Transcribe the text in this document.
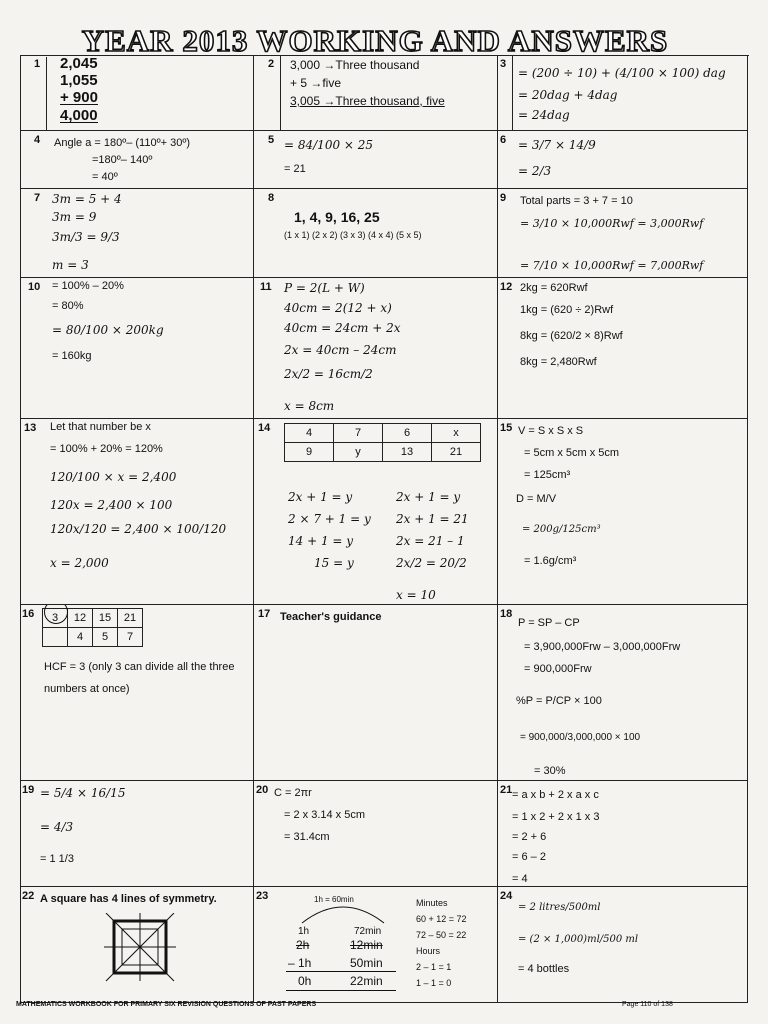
YEAR 2013 WORKING AND ANSWERS
1 2,045
1,055
+ 900
4,000
2 3,000 →Three thousand
+ 5 →five
3,005 →Three thousand, five
3
= (200 ÷ 10) + (4/100 × 100) dag
= 20dag + 4dag
= 24dag
4 Angle a = 180º– (110º+ 30º)
=180º– 140º
= 40º
5 = 84/100 × 25
= 21
6 = 3/7 × 14/9
= 2/3
7 3m = 5 + 4
3m = 9
3m/3 = 9/3
m = 3
8
1, 4, 9, 16, 25
(1 x 1) (2 x 2) (3 x 3) (4 x 4) (5 x 5)
9 Total parts = 3 + 7 = 10
= 3/10 × 10,000Rwf = 3,000Rwf
= 7/10 × 10,000Rwf = 7,000Rwf
10 = 100% – 20%
= 80%
= 80/100 × 200kg
= 160kg
11 P = 2(L + W)
40cm = 2(12 + x)
40cm = 24cm + 2x
2x = 40cm – 24cm
2x/2 = 16cm/2
x = 8cm
12 2kg = 620Rwf
1kg = (620 ÷ 2)Rwf
8kg = (620/2 × 8)Rwf
8kg = 2,480Rwf
13 Let that number be x
= 100% + 20% = 120%
120/100 × x = 2,400
120x = 2,400 × 100
120x/120 = 2,400 × 100/120
x = 2,000
14	4	7	6	x
9	y	13	21
2x + 1 = y
2 × 7 + 1 = y
14 + 1 = y
15 = y
2x + 1 = y
2x + 1 = 21
2x = 21 – 1
2x/2 = 20/2
x = 10
15 V = S x S x S
= 5cm x 5cm x 5cm
= 125cm³
D = M/V
= 200g/125cm³
= 1.6g/cm³
16 3	12	15	21
	4	5	7
HCF = 3 (only 3 can divide all the three
numbers at once)
17 Teacher's guidance	18
P = SP – CP
= 3,900,000Frw – 3,000,000Frw
= 900,000Frw
%P = P/CP × 100
= 900,000/3,000,000 × 100
= 30%
19 = 5/4 × 16/15
= 4/3
= 1 1/3
20 C = 2πr
= 2 x 3.14 x 5cm
= 31.4cm
21 = a x b + 2 x a x c
= 1 x 2 + 2 x 1 x 3
= 2 + 6
= 6 – 2
= 4
22 A square has 4 lines of symmetry.	23	1h = 60min
1h	72min
2h	12min
– 1h	50min
0h	22min
Minutes
60 + 12 = 72
72 – 50 = 22
Hours
2 – 1 = 1
1 – 1 = 0
24
= 2 litres/500ml
= (2 × 1,000)ml/500 ml
= 4 bottles
MATHEMATICS WORKBOOK FOR PRIMARY SIX REVISION QUESTIONS OF PAST PAPERS	Page 110 of 138
